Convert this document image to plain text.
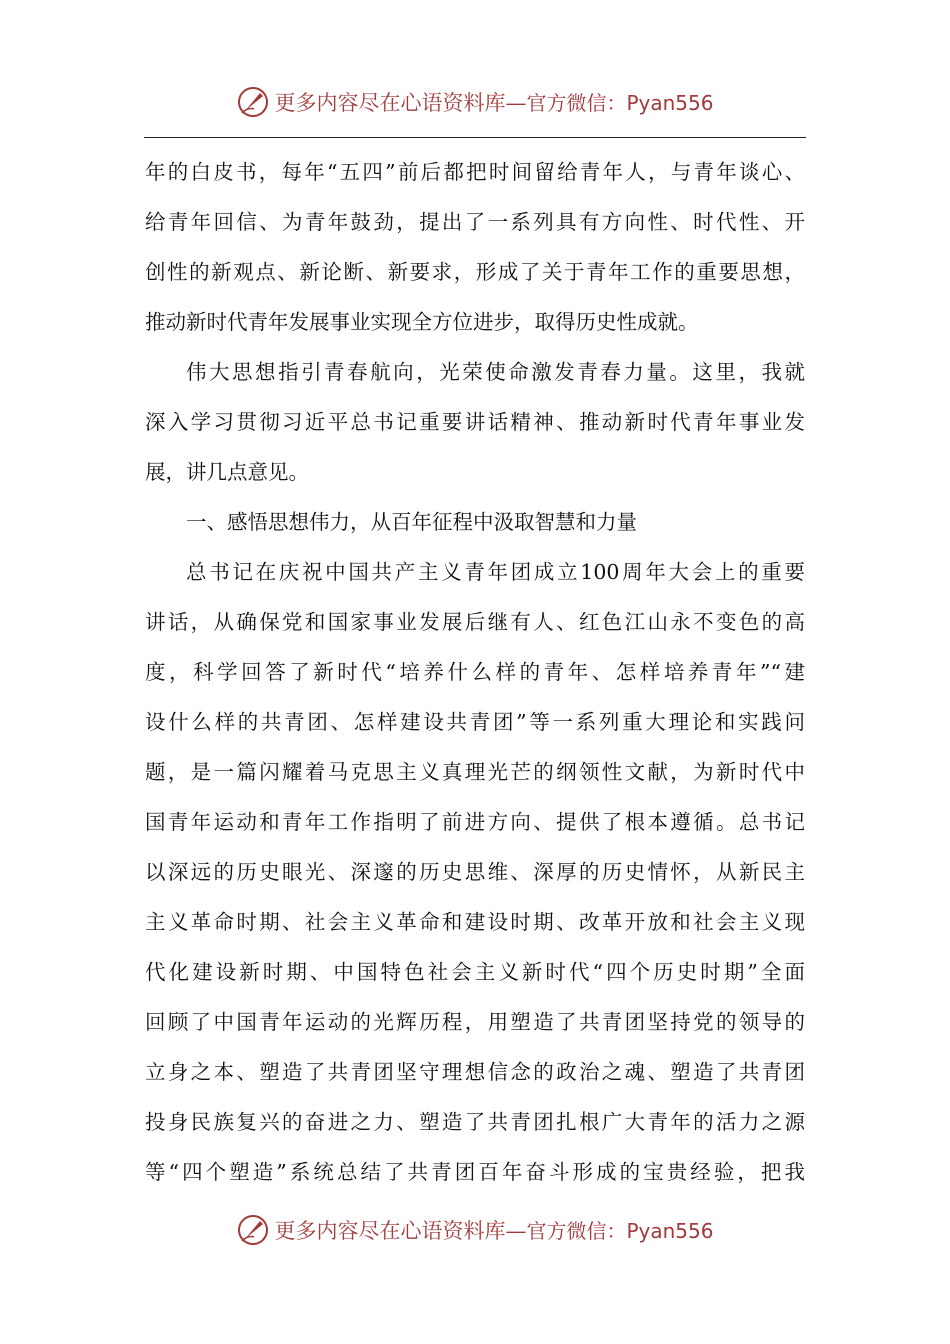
更多内容尽在心语资料库—官方微信：Pyan556
年的白皮书，每年“五四”前后都把时间留给青年人，与青年谈心、
给青年回信、为青年鼓劲，提出了一系列具有方向性、时代性、开
创性的新观点、新论断、新要求，形成了关于青年工作的重要思想，
推动新时代青年发展事业实现全方位进步，取得历史性成就。
伟大思想指引青春航向，光荣使命激发青春力量。这里，我就
深入学习贯彻习近平总书记重要讲话精神、推动新时代青年事业发
展，讲几点意见。
一、感悟思想伟力，从百年征程中汲取智慧和力量
总书记在庆祝中国共产主义青年团成立100周年大会上的重要
讲话，从确保党和国家事业发展后继有人、红色江山永不变色的高
度，科学回答了新时代“培养什么样的青年、怎样培养青年”“建
设什么样的共青团、怎样建设共青团”等一系列重大理论和实践问
题，是一篇闪耀着马克思主义真理光芒的纲领性文献，为新时代中
国青年运动和青年工作指明了前进方向、提供了根本遵循。总书记
以深远的历史眼光、深邃的历史思维、深厚的历史情怀，从新民主
主义革命时期、社会主义革命和建设时期、改革开放和社会主义现
代化建设新时期、中国特色社会主义新时代“四个历史时期”全面
回顾了中国青年运动的光辉历程，用塑造了共青团坚持党的领导的
立身之本、塑造了共青团坚守理想信念的政治之魂、塑造了共青团
投身民族复兴的奋进之力、塑造了共青团扎根广大青年的活力之源
等“四个塑造”系统总结了共青团百年奋斗形成的宝贵经验，把我
更多内容尽在心语资料库—官方微信：Pyan556
